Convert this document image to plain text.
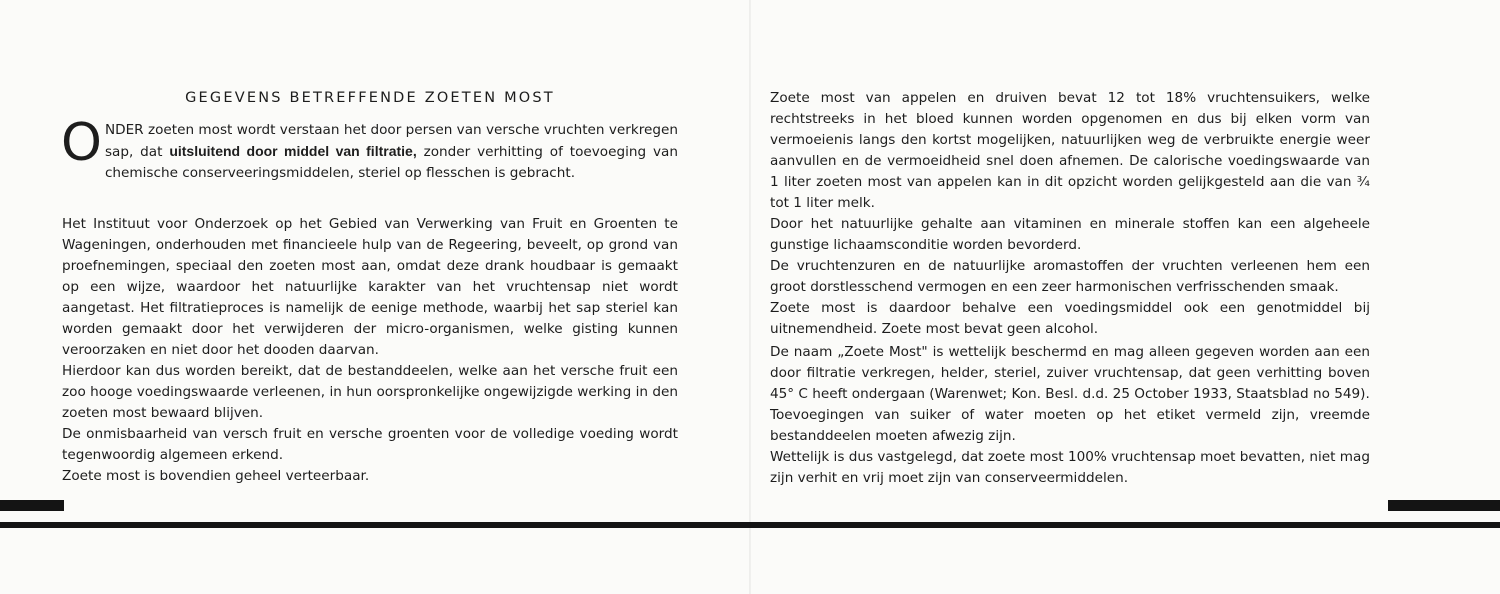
GEGEVENS BETREFFENDE ZOETEN MOST
ONDER zoeten most wordt verstaan het door persen van versche vruchten verkregen sap, dat uitsluitend door middel van filtratie, zonder verhitting of toevoeging van chemische conserveeringsmiddelen, steriel op flesschen is gebracht.

Het Instituut voor Onderzoek op het Gebied van Verwerking van Fruit en Groenten te Wageningen, onderhouden met financieele hulp van de Regeering, beveelt, op grond van proefnemingen, speciaal den zoeten most aan, omdat deze drank houdbaar is gemaakt op een wijze, waardoor het natuurlijke karakter van het vruchtensap niet wordt aangetast. Het filtratieproces is namelijk de eenige methode, waarbij het sap steriel kan worden gemaakt door het verwijderen der micro-organismen, welke gisting kunnen veroorzaken en niet door het dooden daarvan.

Hierdoor kan dus worden bereikt, dat de bestanddeelen, welke aan het versche fruit een zoo hooge voedingswaarde verleenen, in hun oorspronkelijke ongewijzigde werking in den zoeten most bewaard blijven.

De onmisbaarheid van versch fruit en versche groenten voor de volledige voeding wordt tegenwoordig algemeen erkend.

Zoete most is bovendien geheel verteerbaar.

Zoete most van appelen en druiven bevat 12 tot 18% vruchtensuikers, welke rechtstreeks in het bloed kunnen worden opgenomen en dus bij elken vorm van vermoeienis langs den kortst mogelijken, natuurlijken weg de verbruikte energie weer aanvullen en de vermoeidheid snel doen afnemen. De calorische voedingswaarde van 1 liter zoeten most van appelen kan in dit opzicht worden gelijkgesteld aan die van ¾ tot 1 liter melk.

Door het natuurlijke gehalte aan vitaminen en minerale stoffen kan een algeheele gunstige lichaamsconditie worden bevorderd.

De vruchtenzuren en de natuurlijke aromastoffen der vruchten verleenen hem een groot dorstlesschend vermogen en een zeer harmonischen verfrisschenden smaak.

Zoete most is daardoor behalve een voedingsmiddel ook een genotmiddel bij uitnemendheid. Zoete most bevat geen alcohol.

De naam „Zoete Most" is wettelijk beschermd en mag alleen gegeven worden aan een door filtratie verkregen, helder, steriel, zuiver vruchtensap, dat geen verhitting boven 45° C heeft ondergaan (Warenwet; Kon. Besl. d.d. 25 October 1933, Staatsblad no 549).

Toevoegingen van suiker of water moeten op het etiket vermeld zijn, vreemde bestanddeelen moeten afwezig zijn.

Wettelijk is dus vastgelegd, dat zoete most 100% vruchtensap moet bevatten, niet mag zijn verhit en vrij moet zijn van conserveermiddelen.
